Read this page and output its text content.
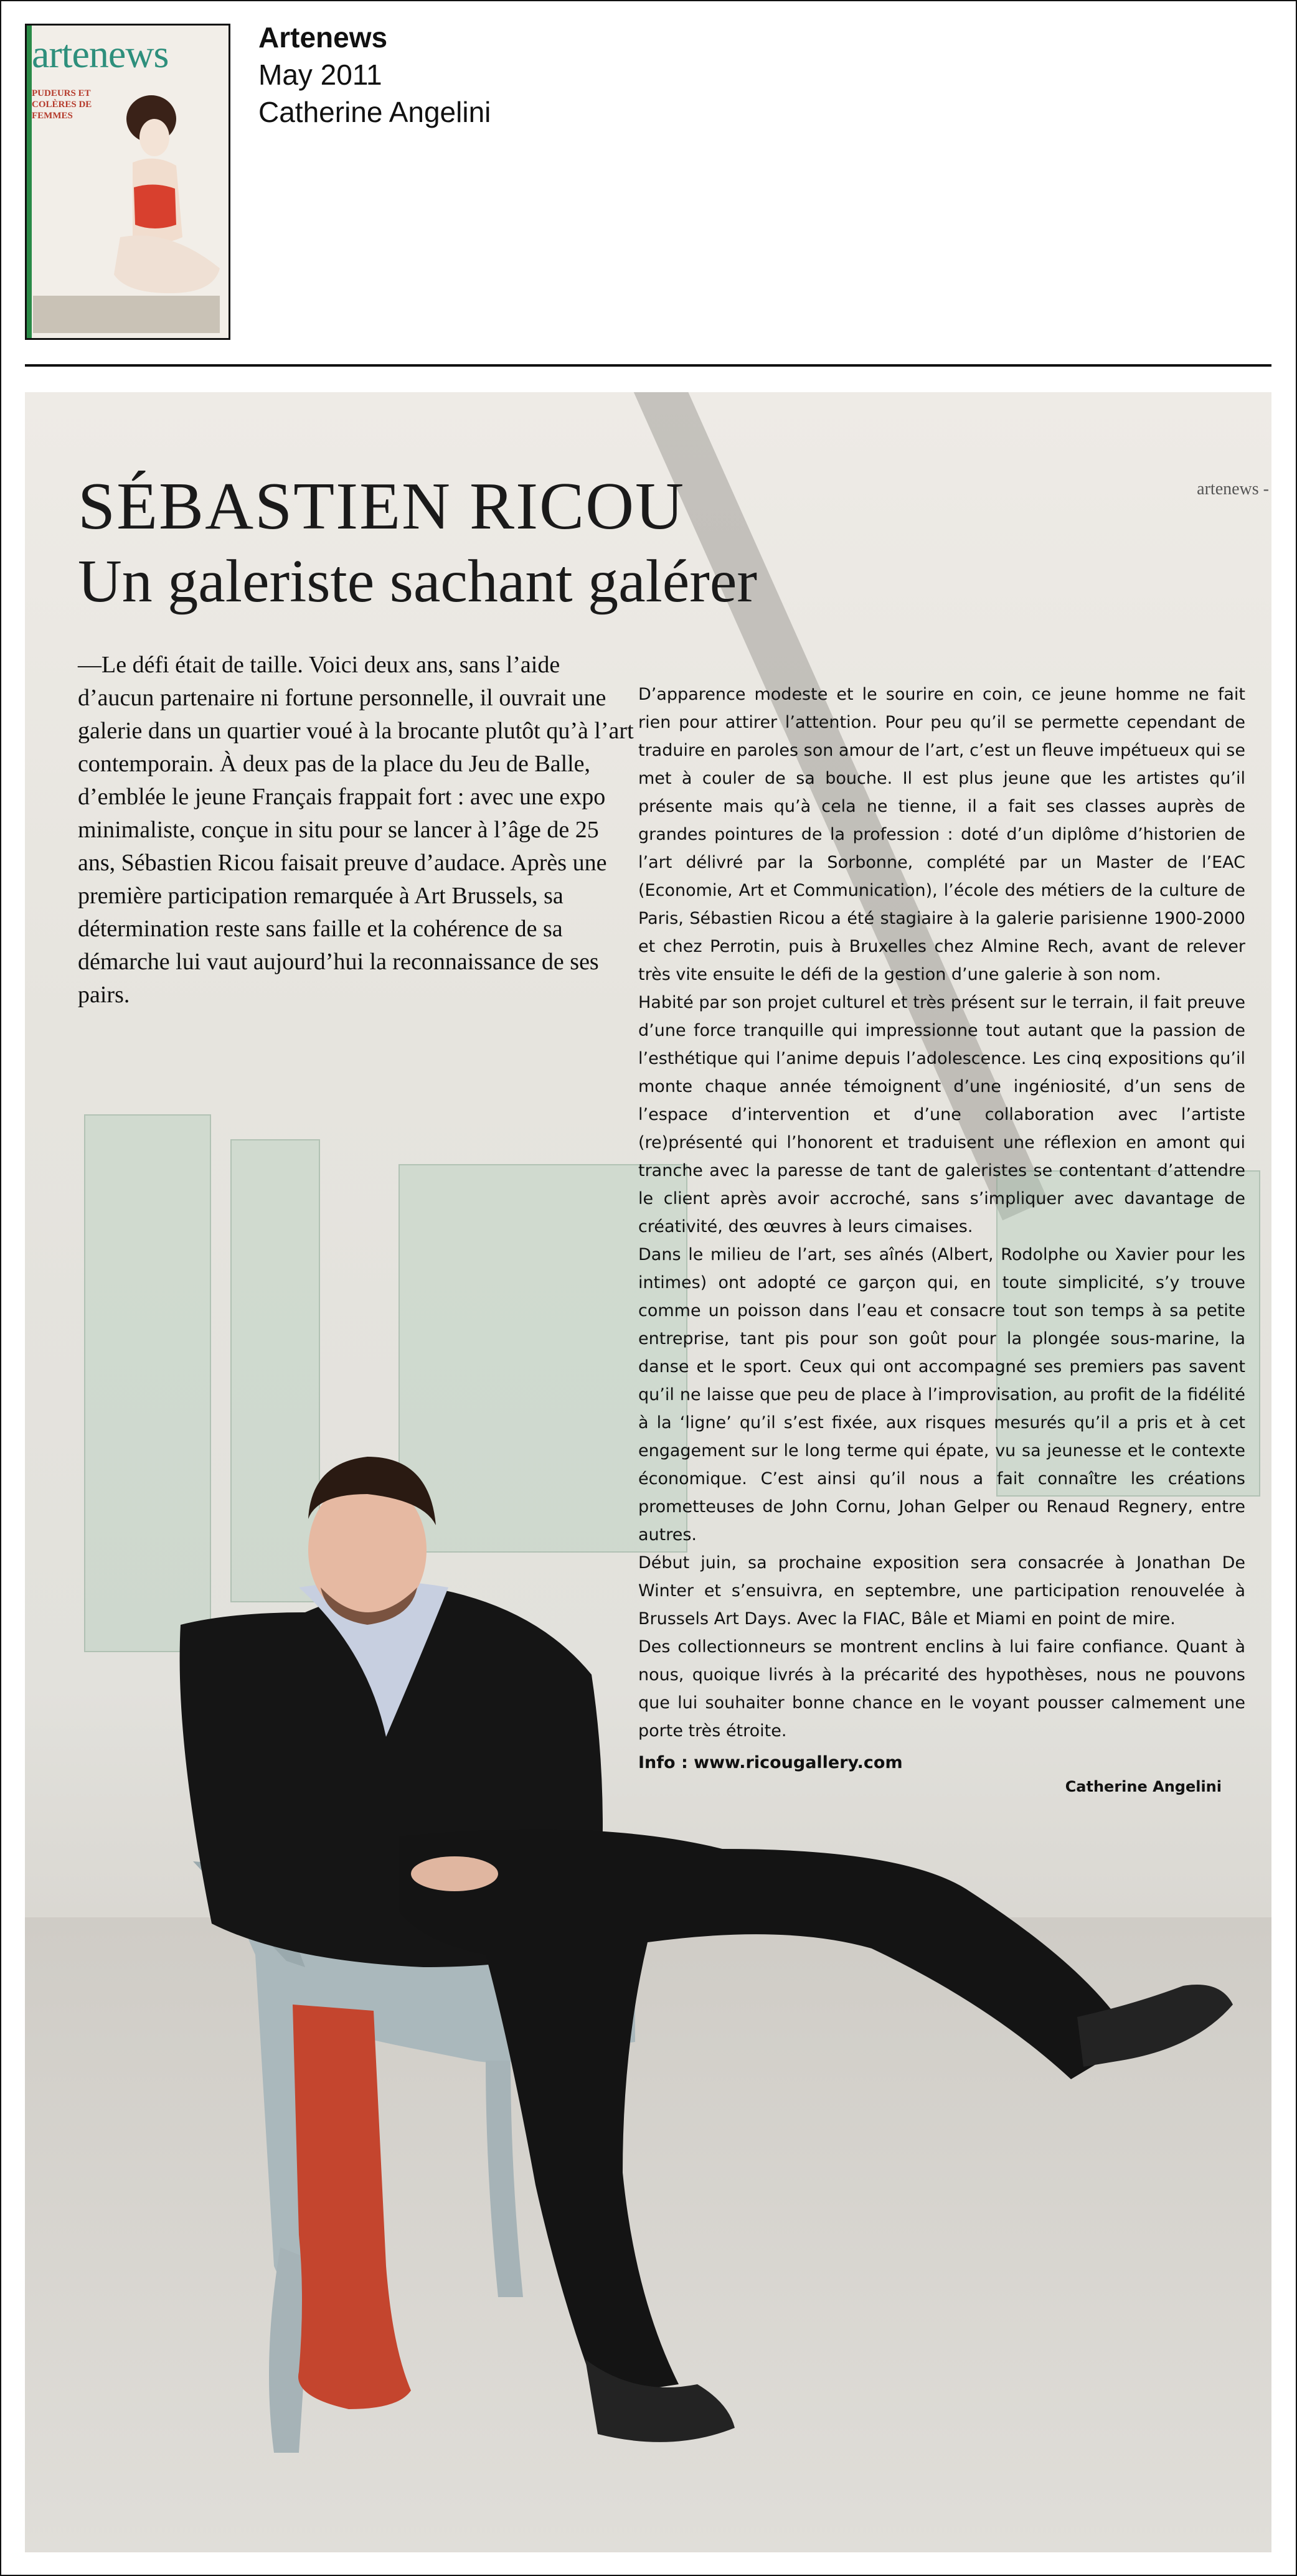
artenews
PUDEURS ET COLÈRES DE FEMMES
Artenews
May 2011
Catherine Angelini
artenews -
SÉBASTIEN RICOU
Un galeriste sachant galérer

—Le défi était de taille. Voici deux ans, sans l’aide d’aucun partenaire ni fortune personnelle, il ouvrait une galerie dans un quartier voué à la brocante plutôt qu’à l’art contemporain. À deux pas de la place du Jeu de Balle, d’emblée le jeune Français frappait fort : avec une expo minimaliste, conçue in situ pour se lancer à l’âge de 25 ans, Sébastien Ricou faisait preuve d’audace. Après une première participation remarquée à Art Brussels, sa détermination reste sans faille et la cohérence de sa démarche lui vaut aujourd’hui la reconnaissance de ses pairs.

D’apparence modeste et le sourire en coin, ce jeune homme ne fait rien pour attirer l’attention. Pour peu qu’il se permette cependant de traduire en paroles son amour de l’art, c’est un fleuve impétueux qui se met à couler de sa bouche. Il est plus jeune que les artistes qu’il présente mais qu’à cela ne tienne, il a fait ses classes auprès de grandes pointures de la profession : doté d’un diplôme d’historien de l’art délivré par la Sorbonne, complété par un Master de l’EAC (Economie, Art et Communication), l’école des métiers de la culture de Paris, Sébastien Ricou a été stagiaire à la galerie parisienne 1900-2000 et chez Perrotin, puis à Bruxelles chez Almine Rech, avant de relever très vite ensuite le défi de la gestion d’une galerie à son nom.

Habité par son projet culturel et très présent sur le terrain, il fait preuve d’une force tranquille qui impressionne tout autant que la passion de l’esthétique qui l’anime depuis l’adolescence. Les cinq expositions qu’il monte chaque année témoignent d’une ingéniosité, d’un sens de l’espace d’intervention et d’une collaboration avec l’artiste (re)présenté qui l’honorent et traduisent une réflexion en amont qui tranche avec la paresse de tant de galeristes se contentant d’attendre le client après avoir accroché, sans s’impliquer avec davantage de créativité, des œuvres à leurs cimaises.

Dans le milieu de l’art, ses aînés (Albert, Rodolphe ou Xavier pour les intimes) ont adopté ce garçon qui, en toute simplicité, s’y trouve comme un poisson dans l’eau et consacre tout son temps à sa petite entreprise, tant pis pour son goût pour la plongée sous-marine, la danse et le sport. Ceux qui ont accompagné ses premiers pas savent qu’il ne laisse que peu de place à l’improvisation, au profit de la fidélité à la ‘ligne’ qu’il s’est fixée, aux risques mesurés qu’il a pris et à cet engagement sur le long terme qui épate, vu sa jeunesse et le contexte économique. C’est ainsi qu’il nous a fait connaître les créations prometteuses de John Cornu, Johan Gelper ou Renaud Regnery, entre autres.

Début juin, sa prochaine exposition sera consacrée à Jonathan De Winter et s’ensuivra, en septembre, une participation renouvelée à Brussels Art Days. Avec la FIAC, Bâle et Miami en point de mire.

Des collectionneurs se montrent enclins à lui faire confiance. Quant à nous, quoique livrés à la précarité des hypothèses, nous ne pouvons que lui souhaiter bonne chance en le voyant pousser calmement une porte très étroite.

Info : www.ricougallery.com

Catherine Angelini
